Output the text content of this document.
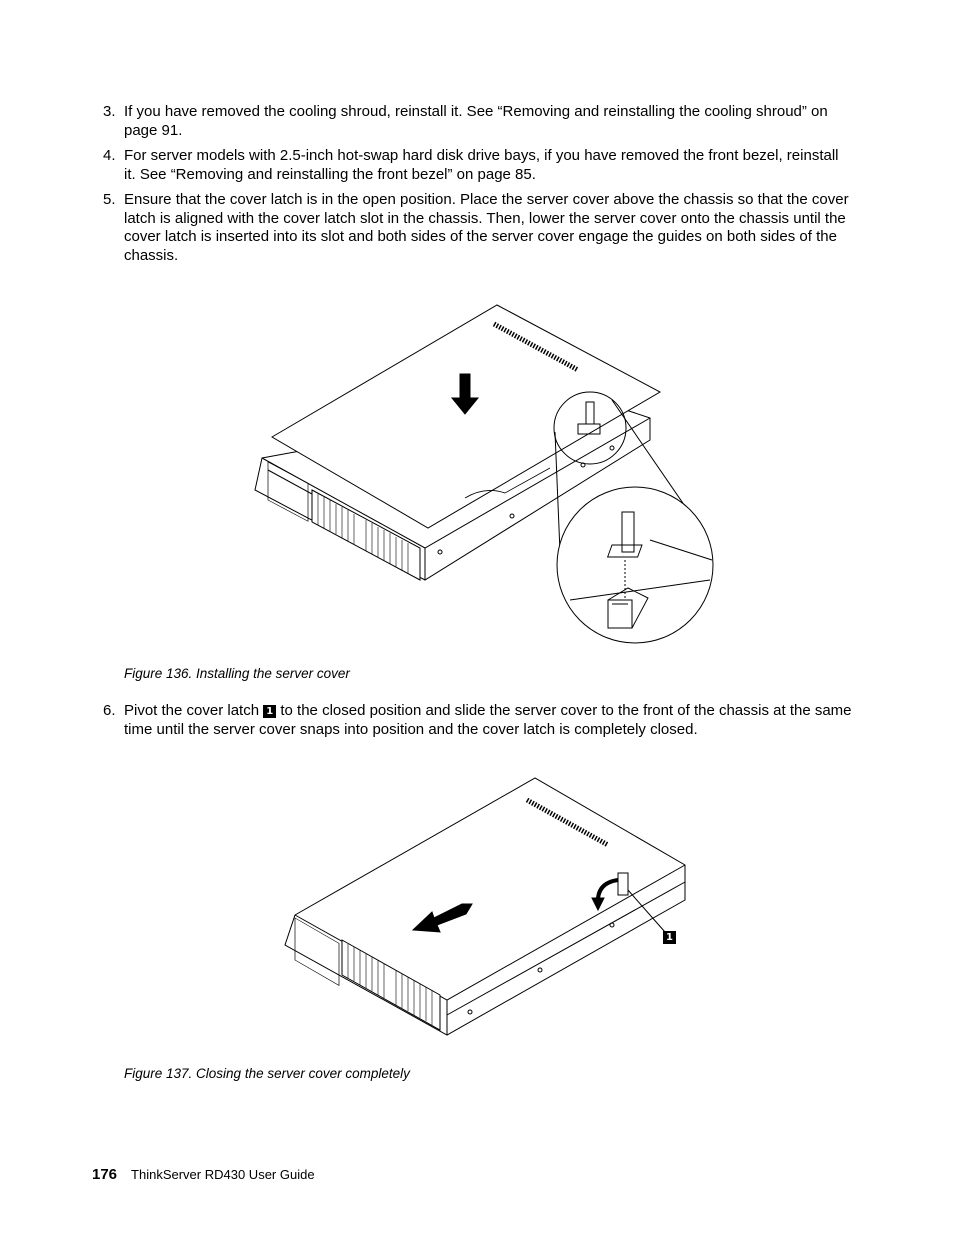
3. If you have removed the cooling shroud, reinstall it. See “Removing and reinstalling the cooling shroud” on page 91.
4. For server models with 2.5-inch hot-swap hard disk drive bays, if you have removed the front bezel, reinstall it. See “Removing and reinstalling the front bezel” on page 85.
5. Ensure that the cover latch is in the open position. Place the server cover above the chassis so that the cover latch is aligned with the cover latch slot in the chassis. Then, lower the server cover onto the chassis until the cover latch is inserted into its slot and both sides of the server cover engage the guides on both sides of the chassis.
Figure 136. Installing the server cover
6. Pivot the cover latch 1 to the closed position and slide the server cover to the front of the chassis at the same time until the server cover snaps into position and the cover latch is completely closed.
1
Figure 137. Closing the server cover completely
176 ThinkServer RD430 User Guide
